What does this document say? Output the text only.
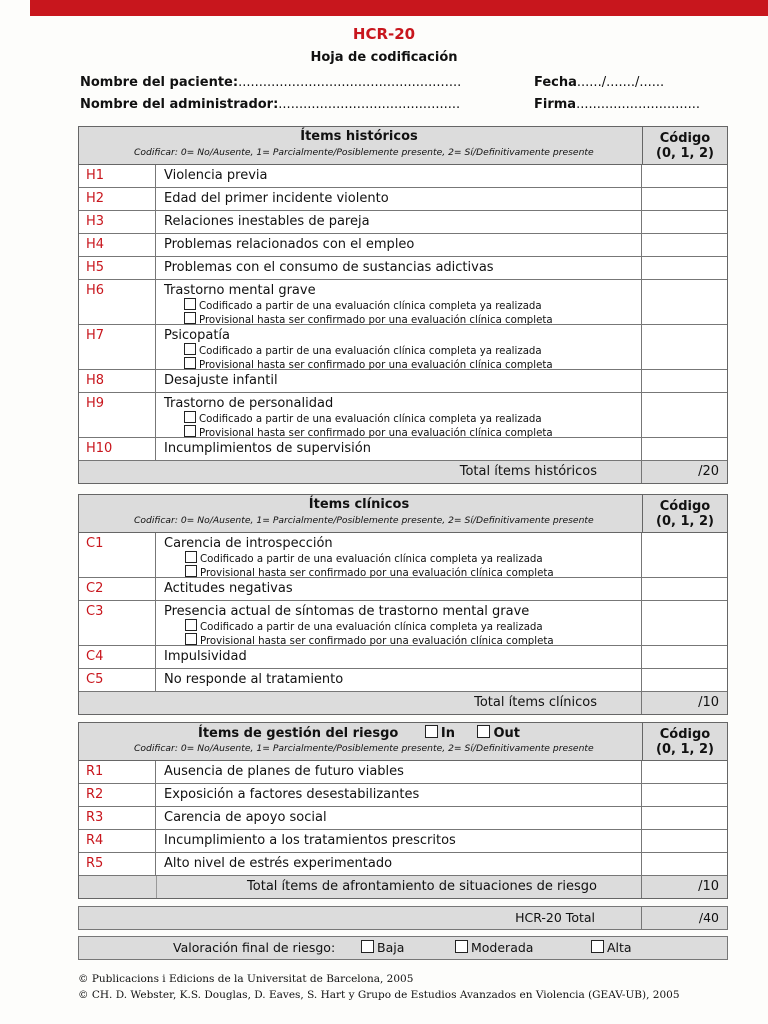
HCR-20
Hoja de codificación
Nombre del paciente:......................................................
Nombre del administrador:............................................
Fecha....../......./......
Firma..............................
Ítems históricos
Codificar: 0= No/Ausente, 1= Parcialmente/Posiblemente presente, 2= Sí/Definitivamente presente
Código
(0, 1, 2)
H1	Violencia previa
H2	Edad del primer incidente violento
H3	Relaciones inestables de pareja
H4	Problemas relacionados con el empleo
H5	Problemas con el consumo de sustancias adictivas
H6	Trastorno mental grave
Codificado a partir de una evaluación clínica completa ya realizada
Provisional hasta ser confirmado por una evaluación clínica completa
H7	Psicopatía
Codificado a partir de una evaluación clínica completa ya realizada
Provisional hasta ser confirmado por una evaluación clínica completa
H8	Desajuste infantil
H9	Trastorno de personalidad
Codificado a partir de una evaluación clínica completa ya realizada
Provisional hasta ser confirmado por una evaluación clínica completa
H10	Incumplimientos de supervisión
Total ítems históricos	/20
Ítems clínicos
Codificar: 0= No/Ausente, 1= Parcialmente/Posiblemente presente, 2= Sí/Definitivamente presente
Código
(0, 1, 2)
C1	Carencia de introspección
Codificado a partir de una evaluación clínica completa ya realizada
Provisional hasta ser confirmado por una evaluación clínica completa
C2	Actitudes negativas
C3	Presencia actual de síntomas de trastorno mental grave
Codificado a partir de una evaluación clínica completa ya realizada
Provisional hasta ser confirmado por una evaluación clínica completa
C4	Impulsividad
C5	No responde al tratamiento
Total ítems clínicos	/10
Ítems de gestión del riesgo	In	Out
Codificar: 0= No/Ausente, 1= Parcialmente/Posiblemente presente, 2= Sí/Definitivamente presente
Código
(0, 1, 2)
R1	Ausencia de planes de futuro viables
R2	Exposición a factores desestabilizantes
R3	Carencia de apoyo social
R4	Incumplimiento a los tratamientos prescritos
R5	Alto nivel de estrés experimentado
Total ítems de afrontamiento de situaciones de riesgo	/10
HCR-20 Total	/40
Valoración final de riesgo:	Baja	Moderada	Alta
© Publicacions i Edicions de la Universitat de Barcelona, 2005
© CH. D. Webster, K.S. Douglas, D. Eaves, S. Hart y Grupo de Estudios Avanzados en Violencia (GEAV-UB), 2005
